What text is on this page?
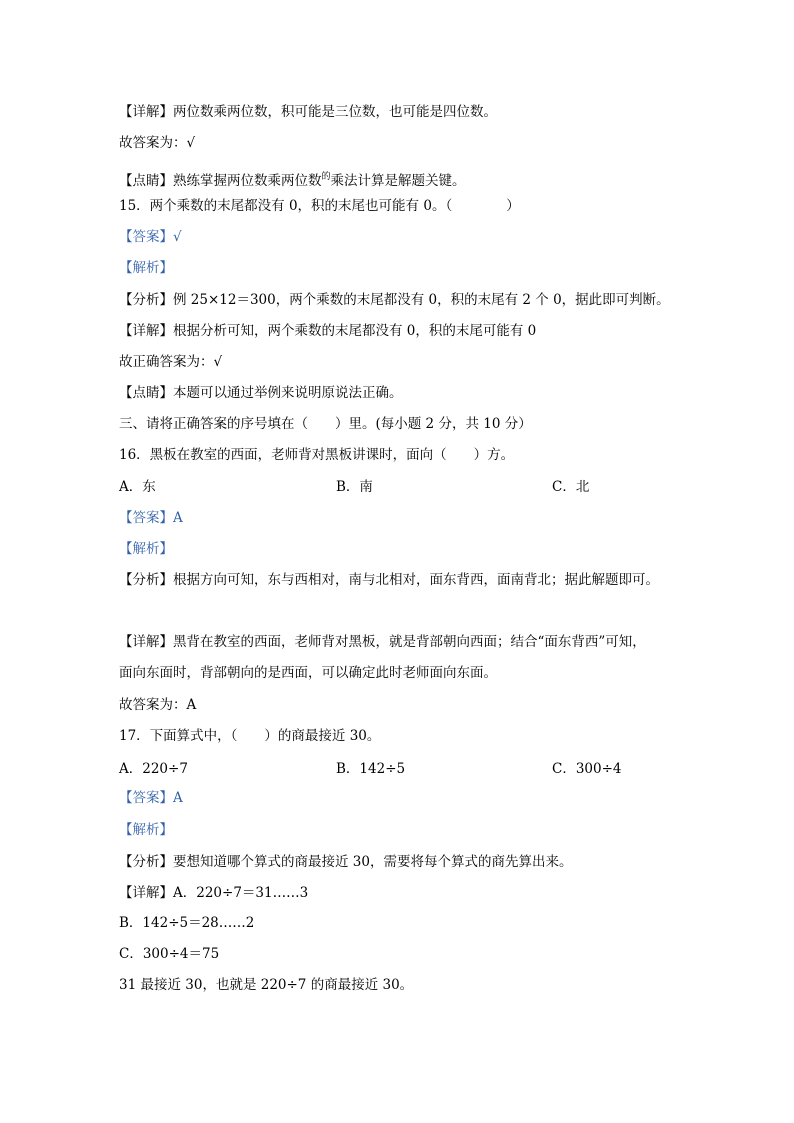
【详解】两位数乘两位数，积可能是三位数，也可能是四位数。
故答案为：√
【点睛】熟练掌握两位数乘两位数$^的$乘法计算是解题关键。
15．两个乘数的末尾都没有 0，积的末尾也可能有 0。（　　　　）
【答案】√
【解析】
【分析】例 25×12＝300，两个乘数的末尾都没有 0，积的末尾有 2 个 0，据此即可判断。
【详解】根据分析可知，两个乘数的末尾都没有 0，积的末尾可能有 0
故正确答案为：√
【点睛】本题可以通过举例来说明原说法正确。
三、请将正确答案的序号填在（　　）里。(每小题 2 分，共 10 分）
16．黑板在教室的西面，老师背对黑板讲课时，面向（　　）方。
A．东	B．南	C．北
【答案】A
【解析】
【分析】根据方向可知，东与西相对，南与北相对，面东背西，面南背北；据此解题即可。
【详解】黑背在教室的西面，老师背对黑板，就是背部朝向西面；结合“面东背西”可知，
面向东面时，背部朝向的是西面，可以确定此时老师面向东面。
故答案为：A
17．下面算式中，（　　）的商最接近 30。
A．220÷7	B．142÷5	C．300÷4
【答案】A
【解析】
【分析】要想知道哪个算式的商最接近 30，需要将每个算式的商先算出来。
【详解】A．220÷7＝31……3
B．142÷5＝28……2
C．300÷4＝75
31 最接近 30，也就是 220÷7 的商最接近 30。
